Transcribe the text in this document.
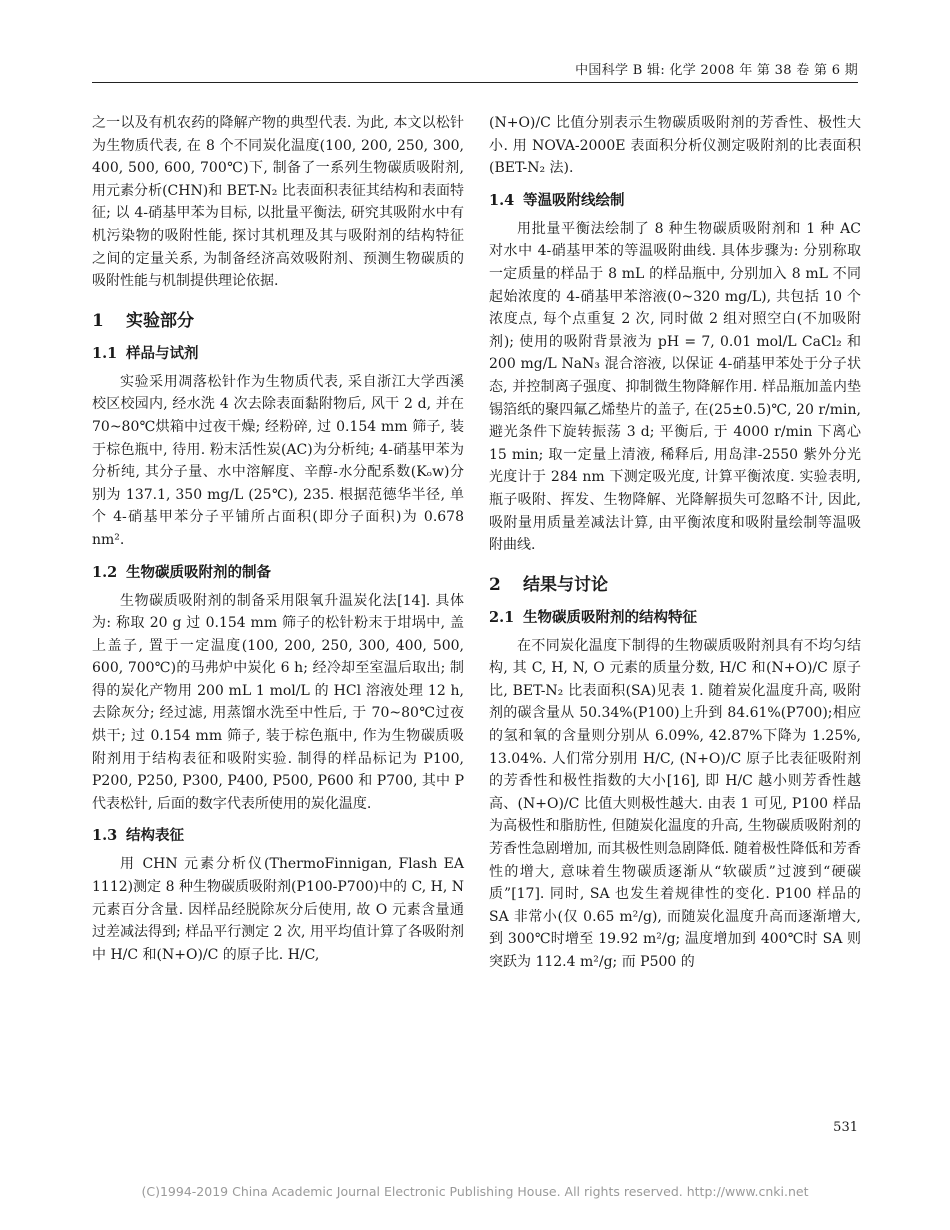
中国科学 B 辑: 化学 2008 年 第 38 卷 第 6 期

之一以及有机农药的降解产物的典型代表. 为此, 本文以松针为生物质代表, 在 8 个不同炭化温度(100, 200, 250, 300, 400, 500, 600, 700℃)下, 制备了一系列生物碳质吸附剂, 用元素分析(CHN)和 BET-N₂ 比表面积表征其结构和表面特征; 以 4-硝基甲苯为目标, 以批量平衡法, 研究其吸附水中有机污染物的吸附性能, 探讨其机理及其与吸附剂的结构特征之间的定量关系, 为制备经济高效吸附剂、预测生物碳质的吸附性能与机制提供理论依据.

1 实验部分
1.1 样品与试剂

实验采用凋落松针作为生物质代表, 采自浙江大学西溪校区校园内, 经水洗 4 次去除表面黏附物后, 风干 2 d, 并在 70~80℃烘箱中过夜干燥; 经粉碎, 过 0.154 mm 筛子, 装于棕色瓶中, 待用. 粉末活性炭(AC)为分析纯; 4-硝基甲苯为分析纯, 其分子量、水中溶解度、辛醇-水分配系数(Kₒw)分别为 137.1, 350 mg/L (25℃), 235. 根据范德华半径, 单个 4-硝基甲苯分子平铺所占面积(即分子面积)为 0.678 nm².

1.2 生物碳质吸附剂的制备

生物碳质吸附剂的制备采用限氧升温炭化法[14]. 具体为: 称取 20 g 过 0.154 mm 筛子的松针粉末于坩埚中, 盖上盖子, 置于一定温度(100, 200, 250, 300, 400, 500, 600, 700℃)的马弗炉中炭化 6 h; 经冷却至室温后取出; 制得的炭化产物用 200 mL 1 mol/L 的 HCl 溶液处理 12 h, 去除灰分; 经过滤, 用蒸馏水洗至中性后, 于 70~80℃过夜烘干; 过 0.154 mm 筛子, 装于棕色瓶中, 作为生物碳质吸附剂用于结构表征和吸附实验. 制得的样品标记为 P100, P200, P250, P300, P400, P500, P600 和 P700, 其中 P 代表松针, 后面的数字代表所使用的炭化温度.

1.3 结构表征

用 CHN 元素分析仪(ThermoFinnigan, Flash EA 1112)测定 8 种生物碳质吸附剂(P100-P700)中的 C, H, N 元素百分含量. 因样品经脱除灰分后使用, 故 O 元素含量通过差减法得到; 样品平行测定 2 次, 用平均值计算了各吸附剂中 H/C 和(N+O)/C 的原子比. H/C,

(N+O)/C 比值分别表示生物碳质吸附剂的芳香性、极性大小. 用 NOVA-2000E 表面积分析仪测定吸附剂的比表面积(BET-N₂ 法).

1.4 等温吸附线绘制

用批量平衡法绘制了 8 种生物碳质吸附剂和 1 种 AC 对水中 4-硝基甲苯的等温吸附曲线. 具体步骤为: 分别称取一定质量的样品于 8 mL 的样品瓶中, 分别加入 8 mL 不同起始浓度的 4-硝基甲苯溶液(0~320 mg/L), 共包括 10 个浓度点, 每个点重复 2 次, 同时做 2 组对照空白(不加吸附剂); 使用的吸附背景液为 pH = 7, 0.01 mol/L CaCl₂ 和 200 mg/L NaN₃ 混合溶液, 以保证 4-硝基甲苯处于分子状态, 并控制离子强度、抑制微生物降解作用. 样品瓶加盖内垫锡箔纸的聚四氟乙烯垫片的盖子, 在(25±0.5)℃, 20 r/min, 避光条件下旋转振荡 3 d; 平衡后, 于 4000 r/min 下离心 15 min; 取一定量上清液, 稀释后, 用岛津-2550 紫外分光光度计于 284 nm 下测定吸光度, 计算平衡浓度. 实验表明, 瓶子吸附、挥发、生物降解、光降解损失可忽略不计, 因此, 吸附量用质量差减法计算, 由平衡浓度和吸附量绘制等温吸附曲线.

2 结果与讨论
2.1 生物碳质吸附剂的结构特征

在不同炭化温度下制得的生物碳质吸附剂具有不均匀结构, 其 C, H, N, O 元素的质量分数, H/C 和(N+O)/C 原子比, BET-N₂ 比表面积(SA)见表 1. 随着炭化温度升高, 吸附剂的碳含量从 50.34%(P100)上升到 84.61%(P700);相应的氢和氧的含量则分别从 6.09%, 42.87%下降为 1.25%, 13.04%. 人们常分别用 H/C, (N+O)/C 原子比表征吸附剂的芳香性和极性指数的大小[16], 即 H/C 越小则芳香性越高、(N+O)/C 比值大则极性越大. 由表 1 可见, P100 样品为高极性和脂肪性, 但随炭化温度的升高, 生物碳质吸附剂的芳香性急剧增加, 而其极性则急剧降低. 随着极性降低和芳香性的增大, 意味着生物碳质逐渐从“软碳质”过渡到“硬碳质”[17]. 同时, SA 也发生着规律性的变化. P100 样品的 SA 非常小(仅 0.65 m²/g), 而随炭化温度升高而逐渐增大, 到 300℃时增至 19.92 m²/g; 温度增加到 400℃时 SA 则突跃为 112.4 m²/g; 而 P500 的

531
(C)1994-2019 China Academic Journal Electronic Publishing House. All rights reserved. http://www.cnki.net
